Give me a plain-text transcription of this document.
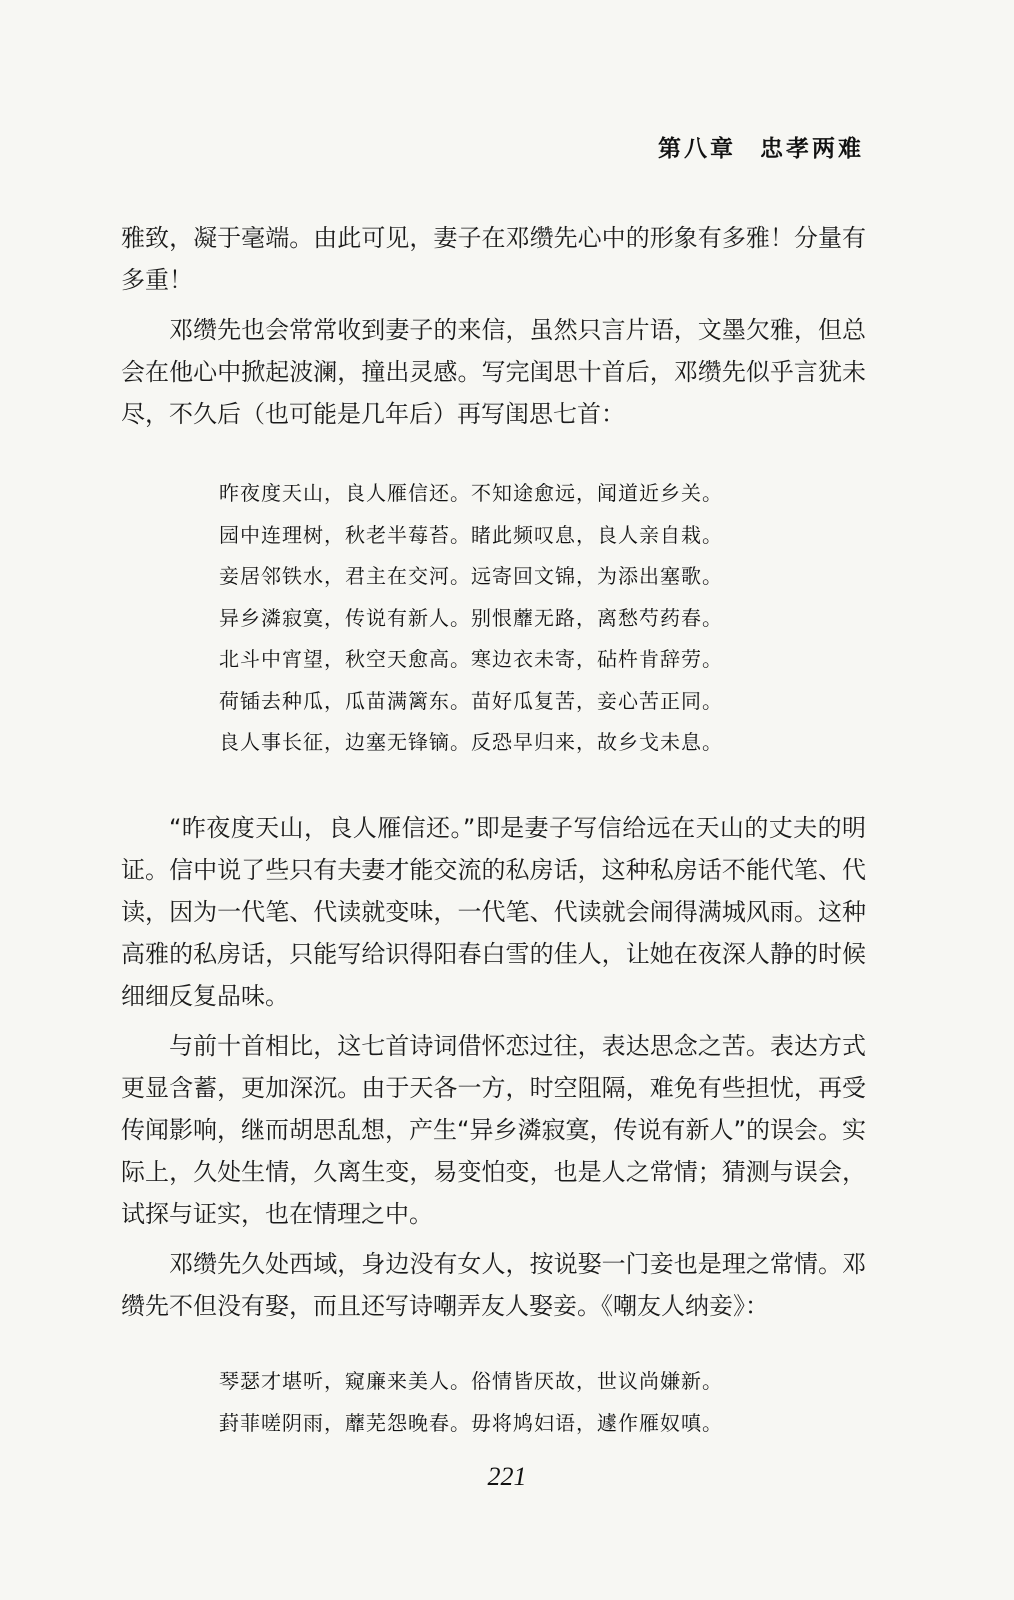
第八章 忠孝两难

雅致，凝于毫端。由此可见，妻子在邓缵先心中的形象有多雅！分量有多重！

邓缵先也会常常收到妻子的来信，虽然只言片语，文墨欠雅，但总会在他心中掀起波澜，撞出灵感。写完闺思十首后，邓缵先似乎言犹未尽，不久后（也可能是几年后）再写闺思七首：

昨夜度天山，良人雁信还。不知途愈远，闻道近乡关。
园中连理树，秋老半莓苔。睹此频叹息，良人亲自栽。
妾居邻铁水，君主在交河。远寄回文锦，为添出塞歌。
异乡潾寂寞，传说有新人。别恨蘼无路，离愁芍药春。
北斗中宵望，秋空天愈高。寒边衣未寄，砧杵肯辞劳。
荷锸去种瓜，瓜苗满篱东。苗好瓜复苦，妾心苦正同。
良人事长征，边塞无锋镝。反恐早归来，故乡戈未息。

“昨夜度天山，良人雁信还。”即是妻子写信给远在天山的丈夫的明证。信中说了些只有夫妻才能交流的私房话，这种私房话不能代笔、代读，因为一代笔、代读就变味，一代笔、代读就会闹得满城风雨。这种高雅的私房话，只能写给识得阳春白雪的佳人，让她在夜深人静的时候细细反复品味。

与前十首相比，这七首诗词借怀恋过往，表达思念之苦。表达方式更显含蓄，更加深沉。由于天各一方，时空阻隔，难免有些担忧，再受传闻影响，继而胡思乱想，产生“异乡潾寂寞，传说有新人”的误会。实际上，久处生情，久离生变，易变怕变，也是人之常情；猜测与误会，试探与证实，也在情理之中。

邓缵先久处西域，身边没有女人，按说娶一门妾也是理之常情。邓缵先不但没有娶，而且还写诗嘲弄友人娶妾。《嘲友人纳妾》：

琴瑟才堪听，窥廉来美人。俗情皆厌故，世议尚嫌新。
葑菲嗟阴雨，蘼芜怨晚春。毋将鸠妇语，遽作雁奴嗔。
221
